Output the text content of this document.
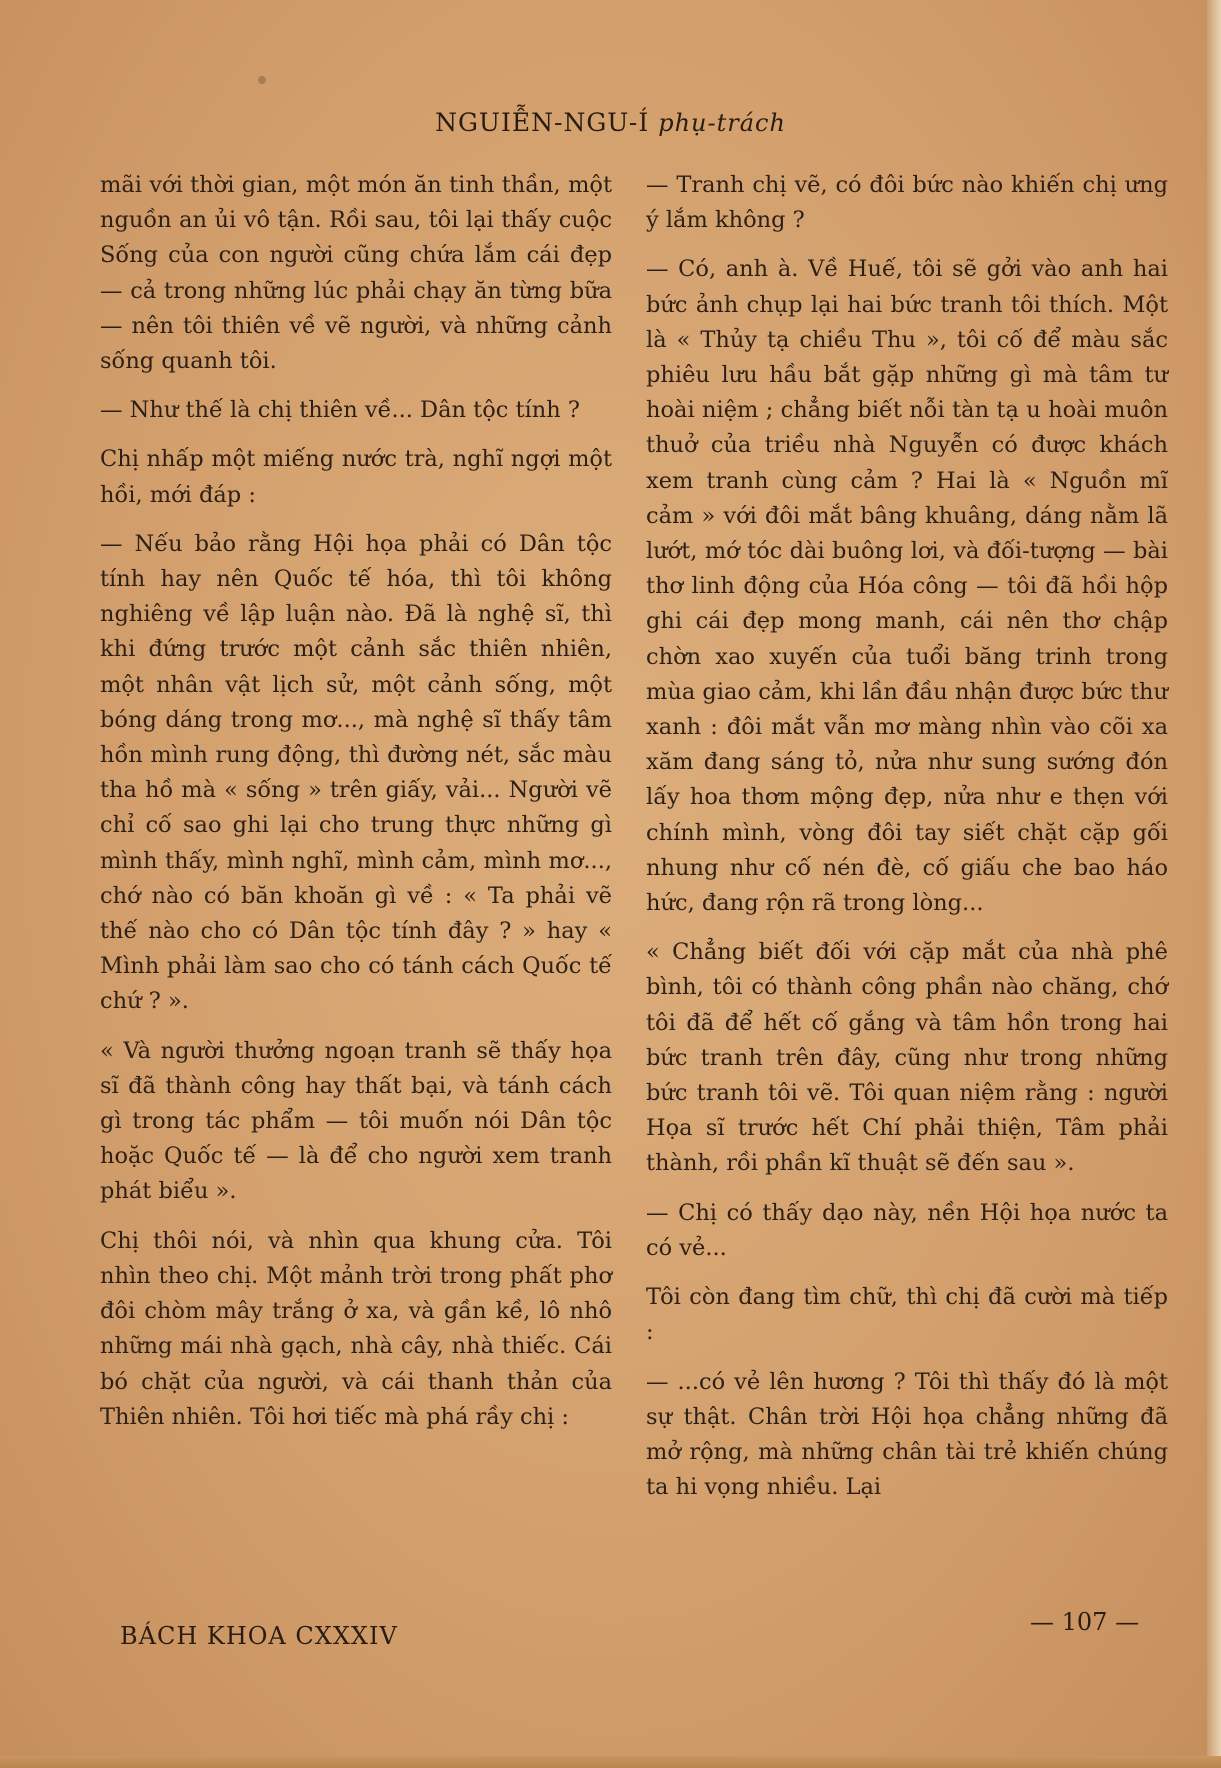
NGUIỄN-NGU-Í phụ-trách

mãi với thời gian, một món ăn tinh thần, một nguồn an ủi vô tận. Rồi sau, tôi lại thấy cuộc Sống của con người cũng chứa lắm cái đẹp — cả trong những lúc phải chạy ăn từng bữa — nên tôi thiên về vẽ người, và những cảnh sống quanh tôi.

— Như thế là chị thiên về... Dân tộc tính ?

Chị nhấp một miếng nước trà, nghĩ ngợi một hồi, mới đáp :

— Nếu bảo rằng Hội họa phải có Dân tộc tính hay nên Quốc tế hóa, thì tôi không nghiêng về lập luận nào. Đã là nghệ sĩ, thì khi đứng trước một cảnh sắc thiên nhiên, một nhân vật lịch sử, một cảnh sống, một bóng dáng trong mơ..., mà nghệ sĩ thấy tâm hồn mình rung động, thì đường nét, sắc màu tha hồ mà « sống » trên giấy, vải... Người vẽ chỉ cố sao ghi lại cho trung thực những gì mình thấy, mình nghĩ, mình cảm, mình mơ..., chớ nào có băn khoăn gì về : « Ta phải vẽ thế nào cho có Dân tộc tính đây ? » hay « Mình phải làm sao cho có tánh cách Quốc tế chứ ? ».

« Và người thưởng ngoạn tranh sẽ thấy họa sĩ đã thành công hay thất bại, và tánh cách gì trong tác phẩm — tôi muốn nói Dân tộc hoặc Quốc tế — là để cho người xem tranh phát biểu ».

Chị thôi nói, và nhìn qua khung cửa. Tôi nhìn theo chị. Một mảnh trời trong phất phơ đôi chòm mây trắng ở xa, và gần kề, lô nhô những mái nhà gạch, nhà cây, nhà thiếc. Cái bó chặt của người, và cái thanh thản của Thiên nhiên. Tôi hơi tiếc mà phá rầy chị :

— Tranh chị vẽ, có đôi bức nào khiến chị ưng ý lắm không ?

— Có, anh à. Về Huế, tôi sẽ gởi vào anh hai bức ảnh chụp lại hai bức tranh tôi thích. Một là « Thủy tạ chiều Thu », tôi cố để màu sắc phiêu lưu hầu bắt gặp những gì mà tâm tư hoài niệm ; chẳng biết nỗi tàn tạ u hoài muôn thuở của triều nhà Nguyễn có được khách xem tranh cùng cảm ? Hai là « Nguồn mĩ cảm » với đôi mắt bâng khuâng, dáng nằm lã lướt, mớ tóc dài buông lơi, và đối-tượng — bài thơ linh động của Hóa công — tôi đã hồi hộp ghi cái đẹp mong manh, cái nên thơ chập chờn xao xuyến của tuổi băng trinh trong mùa giao cảm, khi lần đầu nhận được bức thư xanh : đôi mắt vẫn mơ màng nhìn vào cõi xa xăm đang sáng tỏ, nửa như sung sướng đón lấy hoa thơm mộng đẹp, nửa như e thẹn với chính mình, vòng đôi tay siết chặt cặp gối nhung như cố nén đè, cố giấu che bao háo hức, đang rộn rã trong lòng...

« Chẳng biết đối với cặp mắt của nhà phê bình, tôi có thành công phần nào chăng, chớ tôi đã để hết cố gắng và tâm hồn trong hai bức tranh trên đây, cũng như trong những bức tranh tôi vẽ. Tôi quan niệm rằng : người Họa sĩ trước hết Chí phải thiện, Tâm phải thành, rồi phần kĩ thuật sẽ đến sau ».

— Chị có thấy dạo này, nền Hội họa nước ta có vẻ...

Tôi còn đang tìm chữ, thì chị đã cười mà tiếp :

— ...có vẻ lên hương ? Tôi thì thấy đó là một sự thật. Chân trời Hội họa chẳng những đã mở rộng, mà những chân tài trẻ khiến chúng ta hi vọng nhiều. Lại

BÁCH KHOA CXXXIV	— 107 —
